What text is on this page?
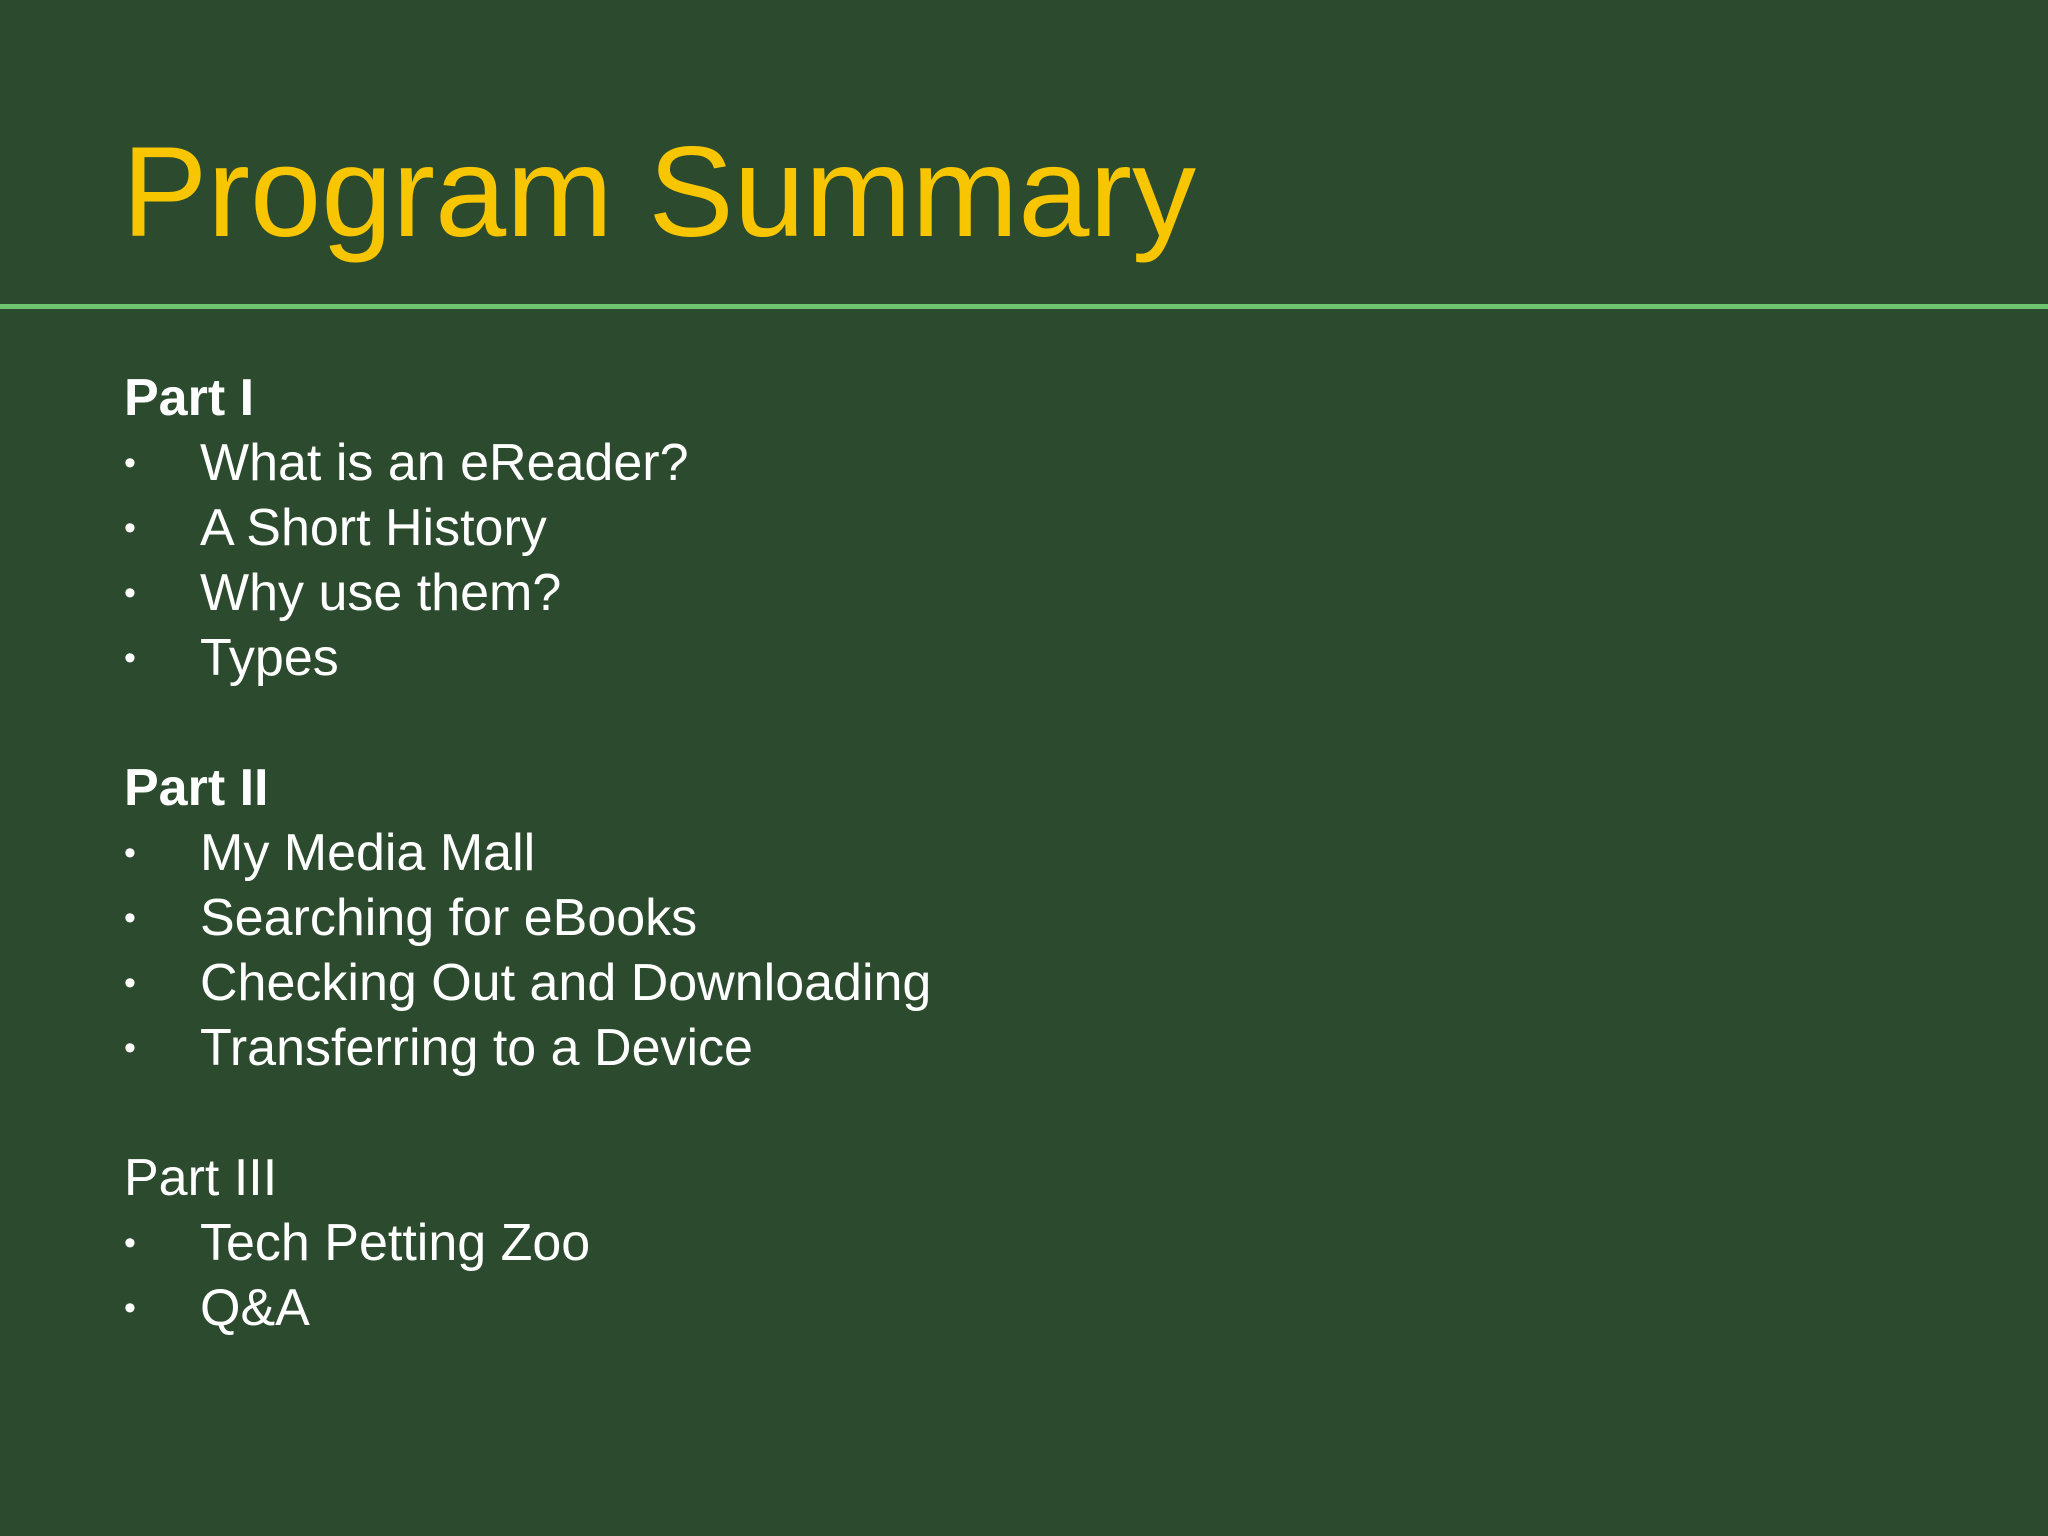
Program Summary
Part I
•	What is an eReader?
•	A Short History
•	Why use them?
•	Types
Part II
•	My Media Mall
•	Searching for eBooks
•	Checking Out and Downloading
•	Transferring to a Device
Part III
•	Tech Petting Zoo
•	Q&A
